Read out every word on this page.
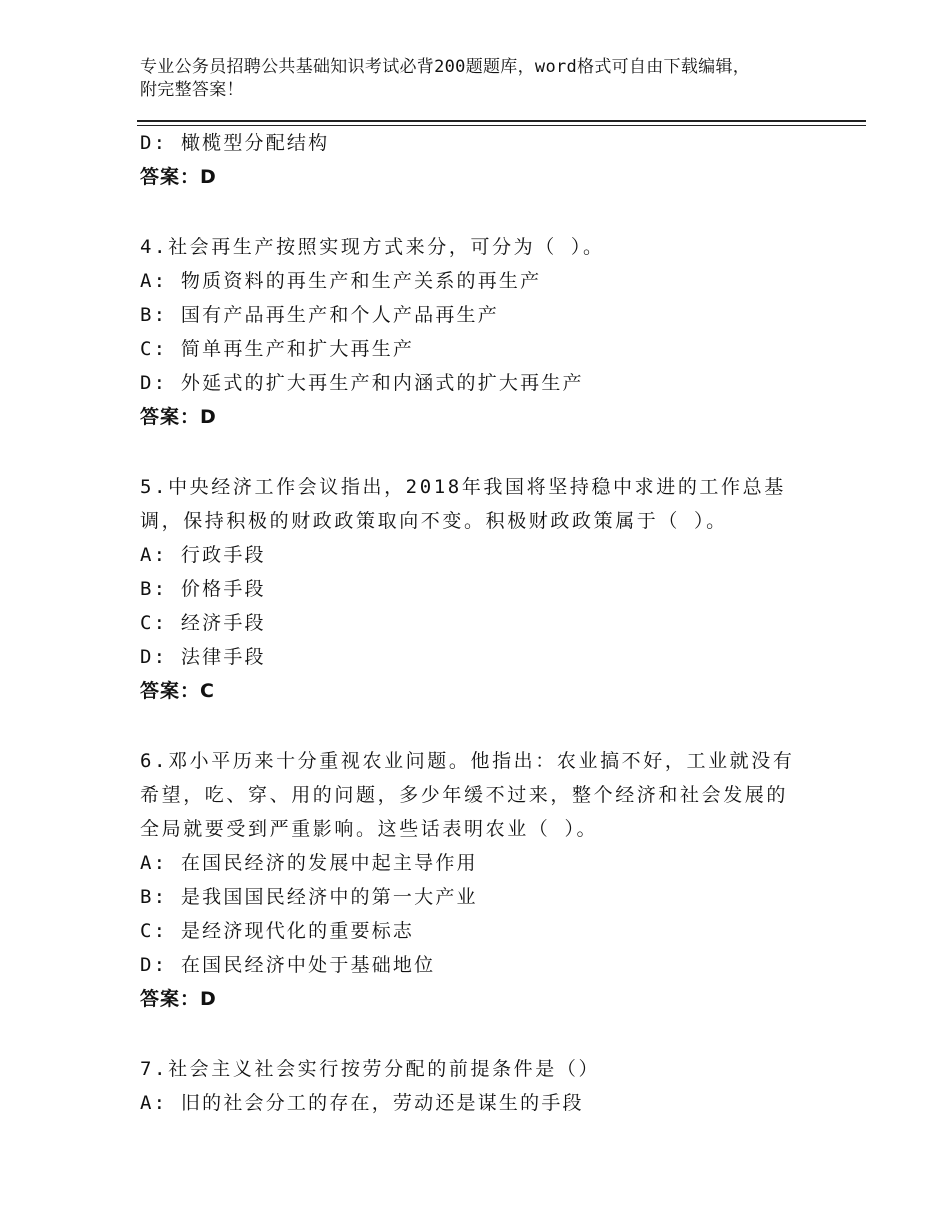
专业公务员招聘公共基础知识考试必背200题题库，word格式可自由下载编辑，
附完整答案！
D: 橄榄型分配结构
答案：D
4.社会再生产按照实现方式来分，可分为（ ）。
A: 物质资料的再生产和生产关系的再生产
B: 国有产品再生产和个人产品再生产
C: 简单再生产和扩大再生产
D: 外延式的扩大再生产和内涵式的扩大再生产
答案：D
5.中央经济工作会议指出，2018年我国将坚持稳中求进的工作总基
调，保持积极的财政政策取向不变。积极财政政策属于（ ）。
A: 行政手段
B: 价格手段
C: 经济手段
D: 法律手段
答案：C
6.邓小平历来十分重视农业问题。他指出：农业搞不好，工业就没有
希望，吃、穿、用的问题，多少年缓不过来，整个经济和社会发展的
全局就要受到严重影响。这些话表明农业（ ）。
A: 在国民经济的发展中起主导作用
B: 是我国国民经济中的第一大产业
C: 是经济现代化的重要标志
D: 在国民经济中处于基础地位
答案：D
7.社会主义社会实行按劳分配的前提条件是（）
A: 旧的社会分工的存在，劳动还是谋生的手段
